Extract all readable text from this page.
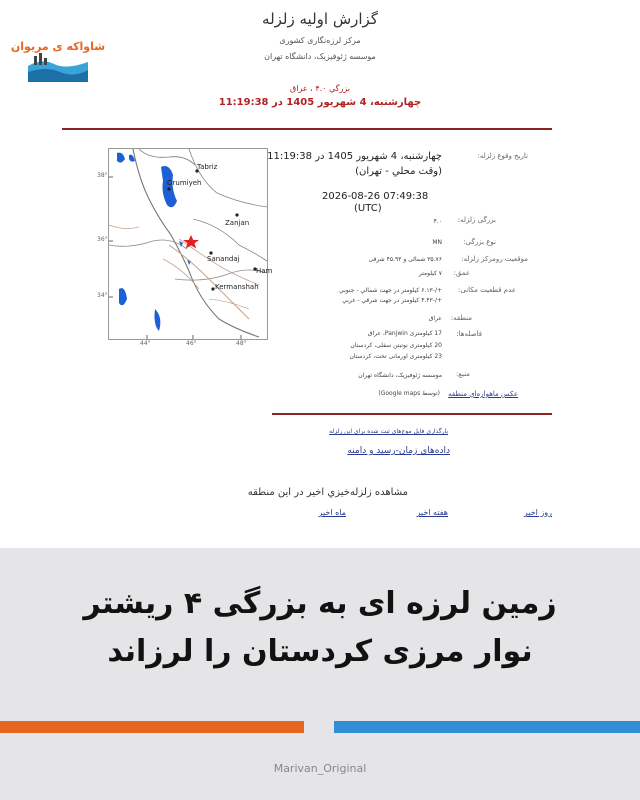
شاواکه ی مریوان
گزارش اولیه زلزله
مرکز لرزه‌نگاری کشوری
موسسه ژئوفیزیک، دانشگاه تهران
بزرگي ۴.۰ ، عراق
چهارشنبه، 4 شهریور 1405 در 11:19:38
Tabriz
Orumiyeh
Zanjan
Sanandaj
Ham
Kermanshah
38°
36°
34°
44°	46°	48°
تاریخ وقوع زلزله:
چهارشنبه، 4 شهریور 1405 در 11:19:38
(وقت محلي - تهران)
2026-08-26 07:49:38
(UTC)
بزرگی زلزله:
۴.۰
نوع بزرگی:
MN
موقعیت رومرکز زلزله:
۳۵.۷۶ شمالی و ۴۵.۹۳ شرقی
عمق:
۷ کیلومتر
عدم قطعیت مکانی:
+/-۶.۱۳ کیلومتر در جهت شمالي - جنوبي
+/-۴.۴۳ کیلومتر در جهت شرقي - غربي
منطقه:
عراق
فاصله‌ها:
17 کیلومتری Panjwin، عراق
20 کیلومتری نوتیتن سفلی، کردستان
23 کیلومتری اورمانی تخت، کردستان
منبع:
موسسه ژئوفیزیک، دانشگاه تهران
عکس ماهواره‌اي منطقه
(توسط Google maps)
بارگذاری فایل موج‌های ثبت شده براي اين زلزله
داده‌هاي زمان-رسيد و دامنه
مشاهده زلزله‌خيزي اخير در اين منطقه
روز اخير
هفته اخير
ماه اخير
زمین لرزه ای به بزرگی ۴ ریشتر
نوار مرزی کردستان را لرزاند
Marivan_Original
